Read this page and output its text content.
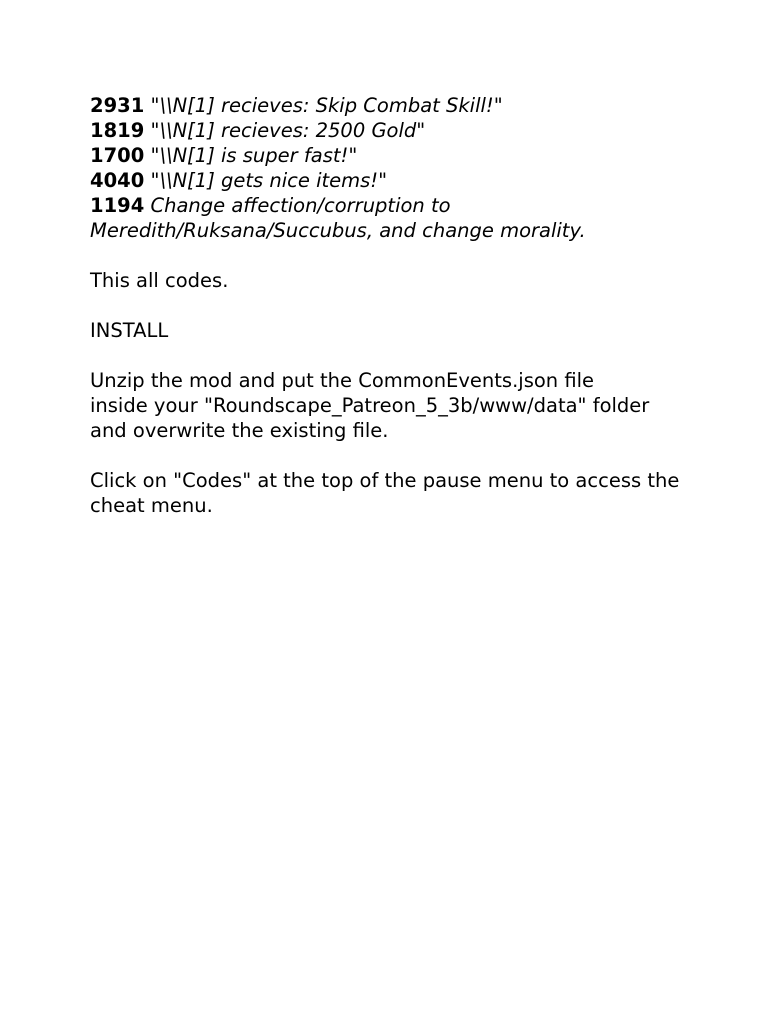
2931 "\\N[1] recieves: Skip Combat Skill!"

1819 "\\N[1] recieves: 2500 Gold"

1700 "\\N[1] is super fast!"

4040 "\\N[1] gets nice items!"

1194 Change affection/corruption to Meredith/Ruksana/Succubus, and change morality.

This all codes.

INSTALL

Unzip the mod and put the CommonEvents.json file inside your "Roundscape_Patreon_5_3b/www/data" folder and overwrite the existing file.

Click on "Codes" at the top of the pause menu to access the cheat menu.
